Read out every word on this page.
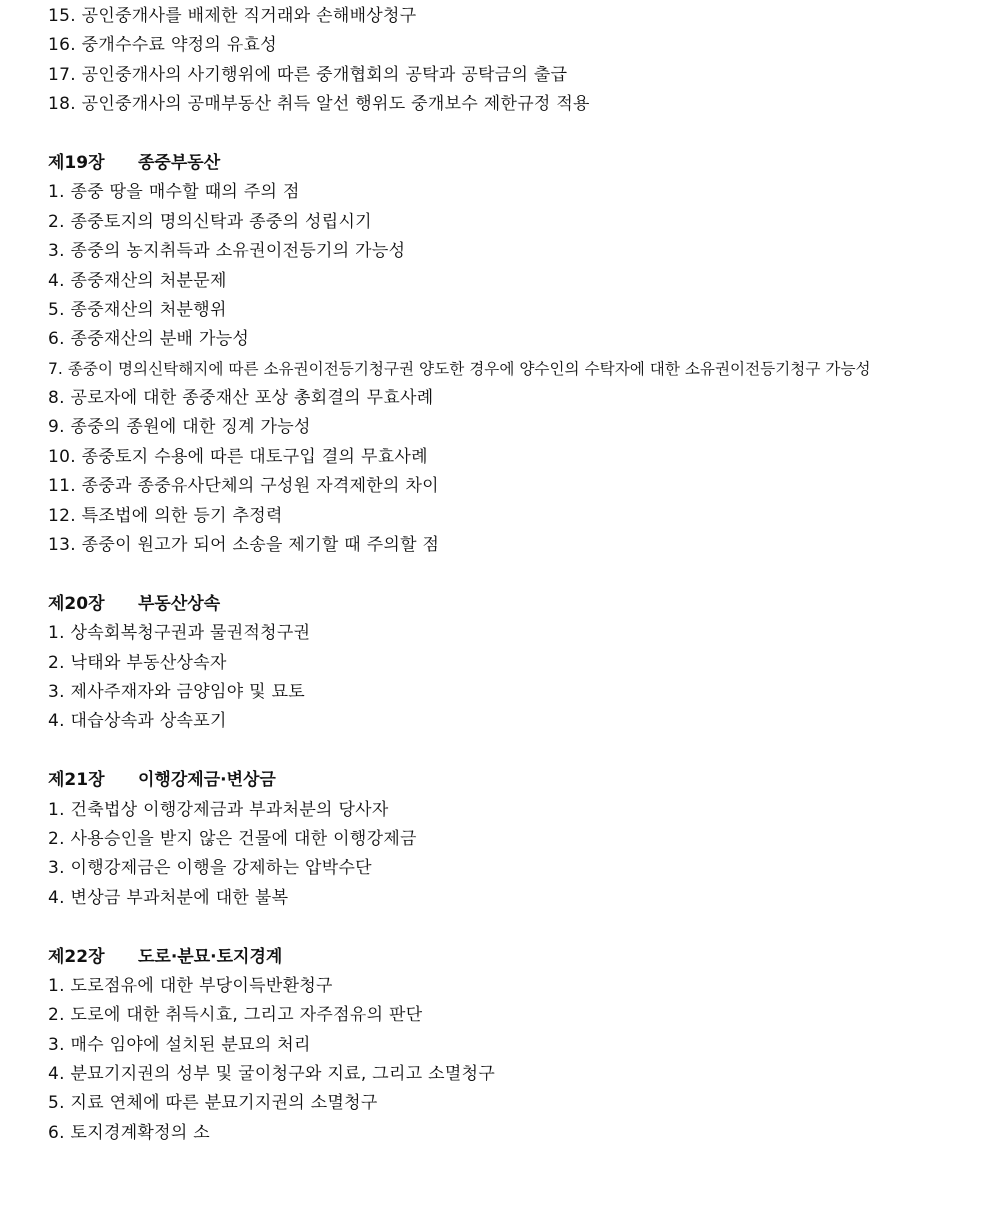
15. 공인중개사를 배제한 직거래와 손해배상청구
16. 중개수수료 약정의 유효성
17. 공인중개사의 사기행위에 따른 중개협회의 공탁과 공탁금의 출급
18. 공인중개사의 공매부동산 취득 알선 행위도 중개보수 제한규정 적용
제19장 종중부동산
1. 종중 땅을 매수할 때의 주의 점
2. 종중토지의 명의신탁과 종중의 성립시기
3. 종중의 농지취득과 소유권이전등기의 가능성
4. 종중재산의 처분문제
5. 종중재산의 처분행위
6. 종중재산의 분배 가능성
7. 종중이 명의신탁해지에 따른 소유권이전등기청구권 양도한 경우에 양수인의 수탁자에 대한 소유권이전등기청구 가능성
8. 공로자에 대한 종중재산 포상 총회결의 무효사례
9. 종중의 종원에 대한 징계 가능성
10. 종중토지 수용에 따른 대토구입 결의 무효사례
11. 종중과 종중유사단체의 구성원 자격제한의 차이
12. 특조법에 의한 등기 추정력
13. 종중이 원고가 되어 소송을 제기할 때 주의할 점
제20장 부동산상속
1. 상속회복청구권과 물권적청구권
2. 낙태와 부동산상속자
3. 제사주재자와 금양임야 및 묘토
4. 대습상속과 상속포기
제21장 이행강제금·변상금
1. 건축법상 이행강제금과 부과처분의 당사자
2. 사용승인을 받지 않은 건물에 대한 이행강제금
3. 이행강제금은 이행을 강제하는 압박수단
4. 변상금 부과처분에 대한 불복
제22장 도로·분묘·토지경계
1. 도로점유에 대한 부당이득반환청구
2. 도로에 대한 취득시효, 그리고 자주점유의 판단
3. 매수 임야에 설치된 분묘의 처리
4. 분묘기지권의 성부 및 굴이청구와 지료, 그리고 소멸청구
5. 지료 연체에 따른 분묘기지권의 소멸청구
6. 토지경계확정의 소
